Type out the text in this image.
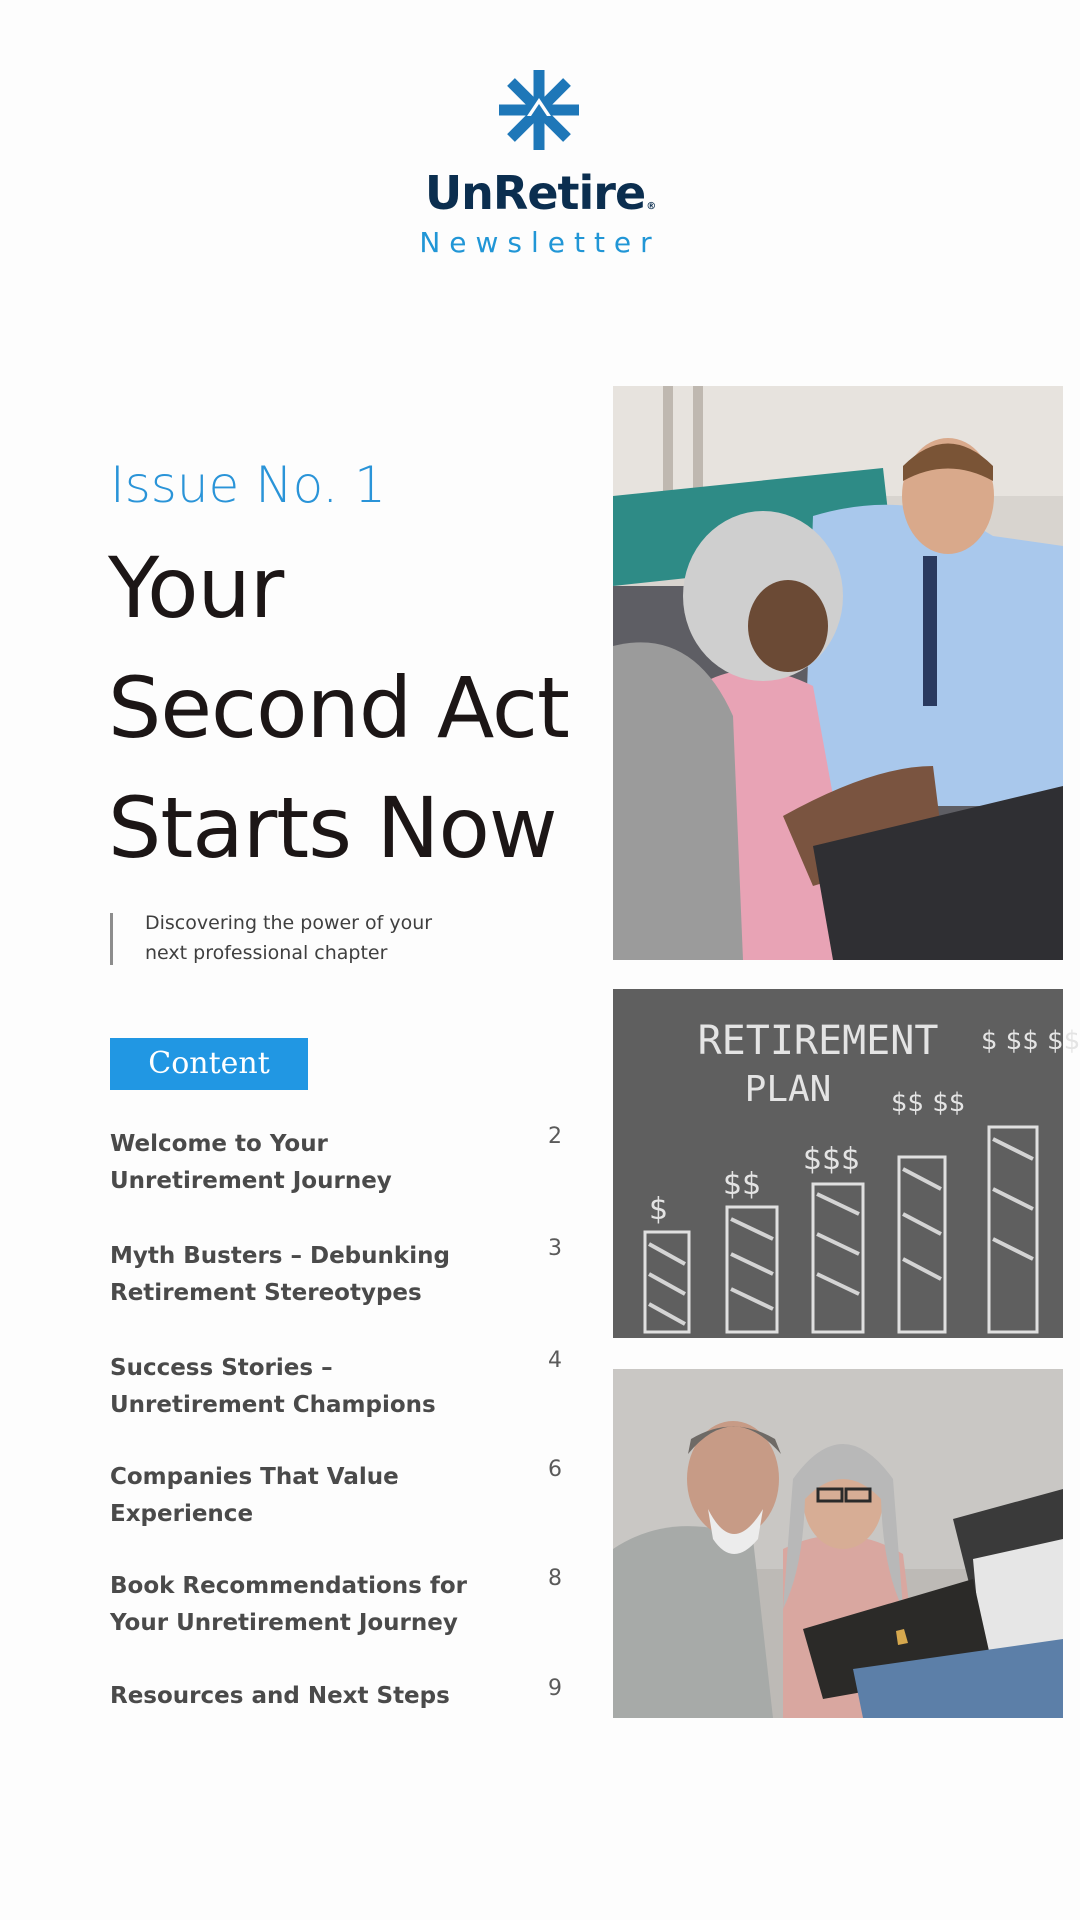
UnRetire®
Newsletter
Issue No. 1
Your
Second Act
Starts Now
Discovering the power of your
next professional chapter
Content
Welcome to Your
Unretirement Journey
2
Myth Busters – Debunking
Retirement Stereotypes
3
Success Stories –
Unretirement Champions
4
Companies That Value
Experience
6
Book Recommendations for
Your Unretirement Journey
8
Resources and Next Steps	9
RETIREMENT
PLAN
$
$$
$$$
$$ $$
$ $$ $$
